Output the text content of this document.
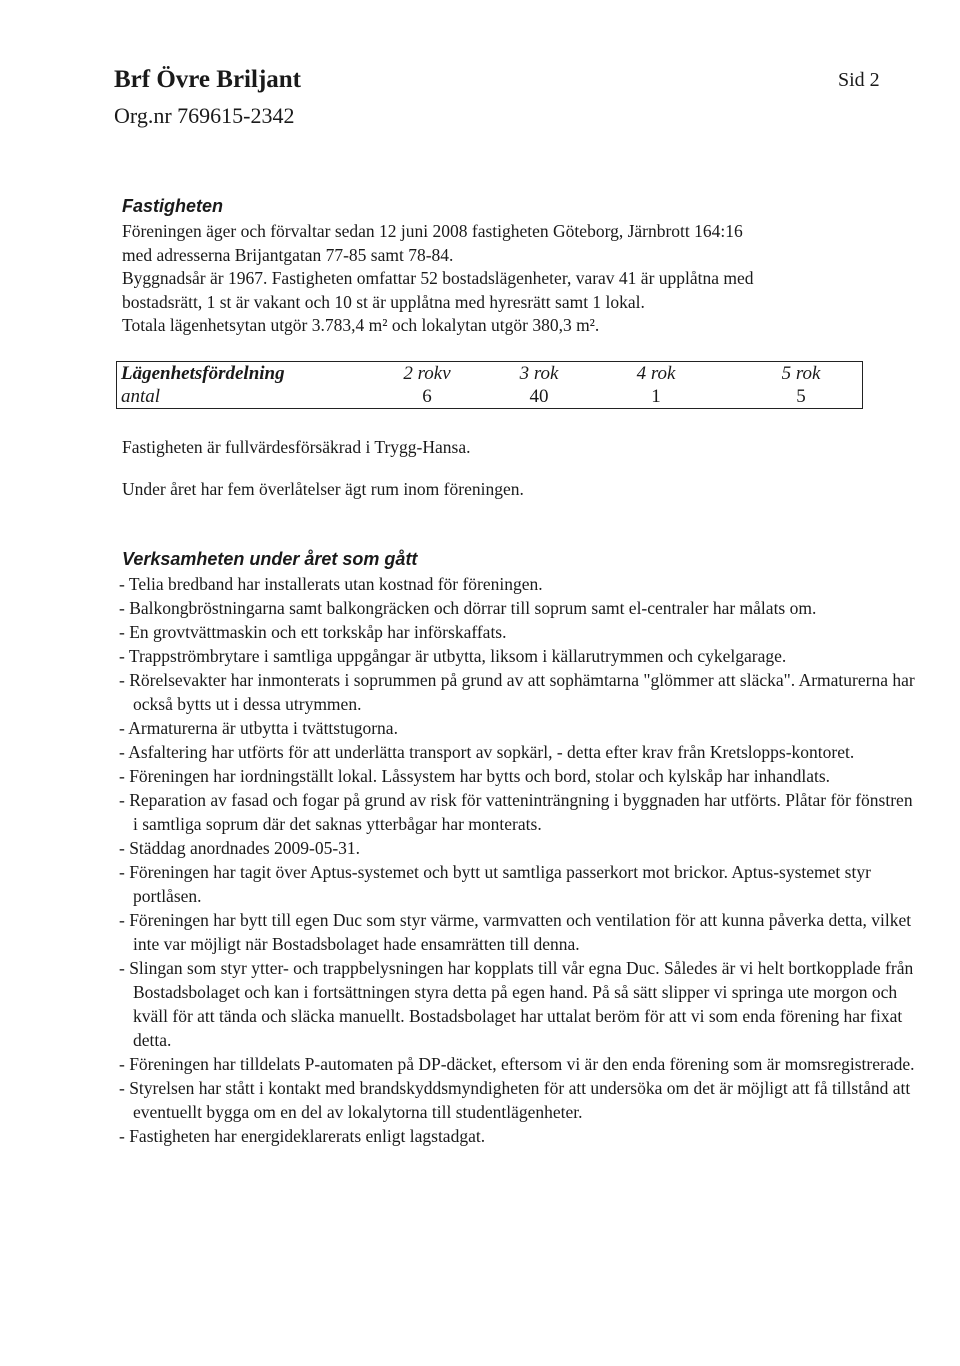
Brf Övre Briljant
Org.nr 769615-2342
Sid 2
Fastigheten

Föreningen äger och förvaltar sedan 12 juni 2008 fastigheten Göteborg, Järnbrott 164:16

med adresserna Brijantgatan 77-85 samt 78-84.

Byggnadsår är 1967. Fastigheten omfattar 52 bostadslägenheter, varav 41 är upplåtna med

bostadsrätt, 1 st är vakant och 10 st är upplåtna med hyresrätt samt 1 lokal.

Totala lägenhetsytan utgör 3.783,4 m² och lokalytan utgör 380,3 m².

Lägenhetsfördelning	2 rokv	3 rok	4 rok	5 rok
antal	6	40	1	5

Fastigheten är fullvärdesförsäkrad i Trygg-Hansa.

Under året har fem överlåtelser ägt rum inom föreningen.

Verksamheten under året som gått
- Telia bredband har installerats utan kostnad för föreningen.
- Balkongbröstningarna samt balkongräcken och dörrar till soprum samt el-centraler har målats om.
- En grovtvättmaskin och ett torkskåp har införskaffats.
- Trappströmbrytare i samtliga uppgångar är utbytta, liksom i källarutrymmen och cykelgarage.
- Rörelsevakter har inmonterats i soprummen på grund av att sophämtarna "glömmer att släcka". Armaturerna har också bytts ut i dessa utrymmen.
- Armaturerna är utbytta i tvättstugorna.
- Asfaltering har utförts för att underlätta transport av sopkärl, - detta efter krav från Kretslopps-kontoret.
- Föreningen har iordningställt lokal. Låssystem har bytts och bord, stolar och kylskåp har inhandlats.
- Reparation av fasad och fogar på grund av risk för vatteninträngning i byggnaden har utförts. Plåtar för fönstren i samtliga soprum där det saknas ytterbågar har monterats.
- Städdag anordnades 2009-05-31.
- Föreningen har tagit över Aptus-systemet och bytt ut samtliga passerkort mot brickor. Aptus-systemet styr portlåsen.
- Föreningen har bytt till egen Duc som styr värme, varmvatten och ventilation för att kunna påverka detta, vilket inte var möjligt när Bostadsbolaget hade ensamrätten till denna.
- Slingan som styr ytter- och trappbelysningen har kopplats till vår egna Duc. Således är vi helt bortkopplade från Bostadsbolaget och kan i fortsättningen styra detta på egen hand. På så sätt slipper vi springa ute morgon och kväll för att tända och släcka manuellt. Bostadsbolaget har uttalat beröm för att vi som enda förening har fixat detta.
- Föreningen har tilldelats P-automaten på DP-däcket, eftersom vi är den enda förening som är momsregistrerade.
- Styrelsen har stått i kontakt med brandskyddsmyndigheten för att undersöka om det är möjligt att få tillstånd att eventuellt bygga om en del av lokalytorna till studentlägenheter.
- Fastigheten har energideklarerats enligt lagstadgat.
